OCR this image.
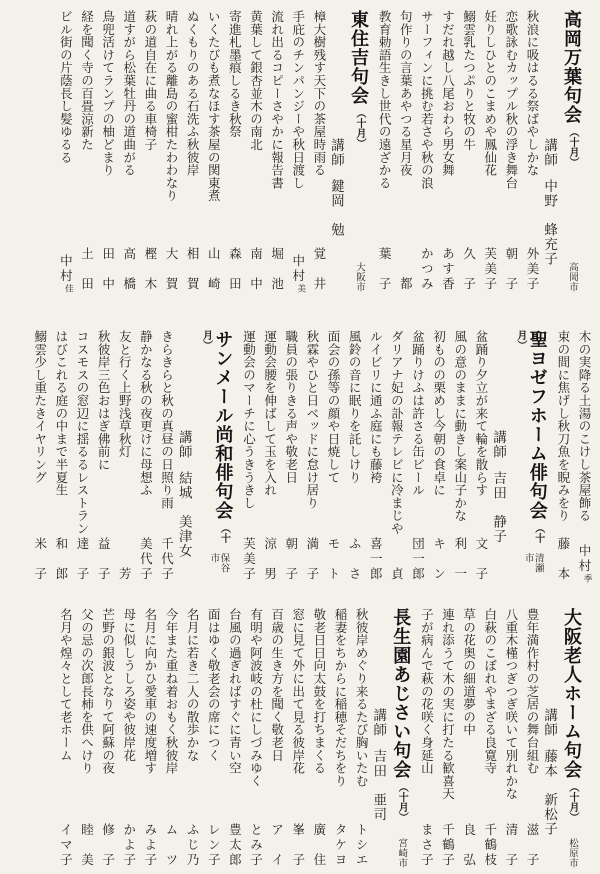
高岡万葉句会（十月）
高岡市
講師中野　蜂充子
秋浪に吸はるる祭ばやしかな
外美子
恋歌詠むカップル秋の浮き舞台
朝　子
妊りしひとのこまめや鳳仙花
芙美子
鰯雲乳たつぷりと牧の牛
久　子
すだれ越し八尾おわら男女舞
あす香
サーフィンに挑む若さや秋の浪
かつみ
句作りの言葉あやつる星月夜
都
教育勅語生きし世代の遠ざかる
葉　子
東住吉句会（十月）
大阪市
講師鍵岡　勉
樟大樹残す天下の茶屋時雨る
覚　井
手庇のチンパンジーや秋日渡し
中村美
流れ出るコピーさやかに報告書
堀　池
黄葉して銀杏並木の南北
南　中
寄進札墨痕しるき秋祭
森　田
いくたびも煮なほす茶屋の関東煮
山　崎
ぬくもりのある石洗ふ秋彼岸
相　賀
晴れ上がる離島の蜜柑たわわなり
大　賀
萩の道自在に曲る車椅子
樫　木
道すがら松葉牡丹の道曲がる
高　橋
鳥兜活けてランプの柚どまり
田　中
経を聞く寺の百畳涼新た
土　田
ビル街の片蔭長し髪ゆるる
中村佳
木の実降る土湯のこけし茶屋飾る
中村季
束の間に焦げし秋刀魚を睨みをり
藤　本
聖ヨゼフホーム俳句会（十月）
清瀬市
講師吉田　静子
盆踊り夕立が来て輪を散らす
文　子
風の意のままに動きし案山子かな
利　一
初ものの栗めし今朝の食卓に
キ　ン
盆踊りけふは許さる缶ビール
団一郎
ダリアナ妃の訃報テレビに冷まじや
貞
ルイビリに通ふ庭にも藤袴
喜一郎
風鈴の音に眠りを託しけり
ふ　さ
面会の孫等の顔や日焼して
モ　ト
秋霖やひと日ベッドに怠け居り
満　子
職員の張りきる声や敬老日
朝　子
運動会腰を伸ばして玉を入れ
涼　男
運動会のマーチに心うきうきし
芙美子
サンメール尚和俳句会（十月）
保谷市
講師結城　美津女
きらきらと秋の真昼の日照り雨
千代子
静かなる秋の夜更けに母想ふ
美代子
友と行く上野浅草秋灯
芳
秋彼岸三色おはぎ佛前に
益　子
コスモスの窓辺に揺るるレストラン
達　子
はびこれる庭の中まで半夏生
和　郎
鰯雲少し重たきイヤリング
米　子
大阪老人ホーム句会（十月）
松原市
講師藤本　新松子
豊年満作村の芝居の舞台組む
滋　子
八重木槿つぎつぎ咲いて別れかな
清　子
白萩のこぼれやまざる良寛寺
千鶴枝
草の花奥の細道夢の中
良　弘
連れ添うて木の実に打たる歓喜天
千鶴子
子が病んで萩の花咲く身延山
まさ子
長生園あじさい句会（十月）
宮崎市
講師吉田　亜司
秋彼岸めぐり来るたび胸いたむ
トシエ
稲妻をちからに稲穂そだちをり
タケヨ
敬老日日向太鼓を打ちまくる
廣　住
窓に見て外に出て見る彼岸花
峯　子
百歳の生き方を聞く敬老日
ア　イ
有明や阿波岐の杜にしづみゆく
とみ子
台風の過ぎればすぐに青い空
豊太郎
面はゆく敬老会の席につく
レン子
名月に若き二人の散歩かな
ふじ乃
今年また重ね着おもく秋彼岸
ム　ツ
名月に向かひ愛車の速度増す
みよ子
母に似しうしろ姿や彼岸花
かよ子
芒野の銀波となりて阿蘇の夜
修　子
父の忌の次郎長柿を供へけり
睦　美
名月や煌々として老ホーム
イマ子
